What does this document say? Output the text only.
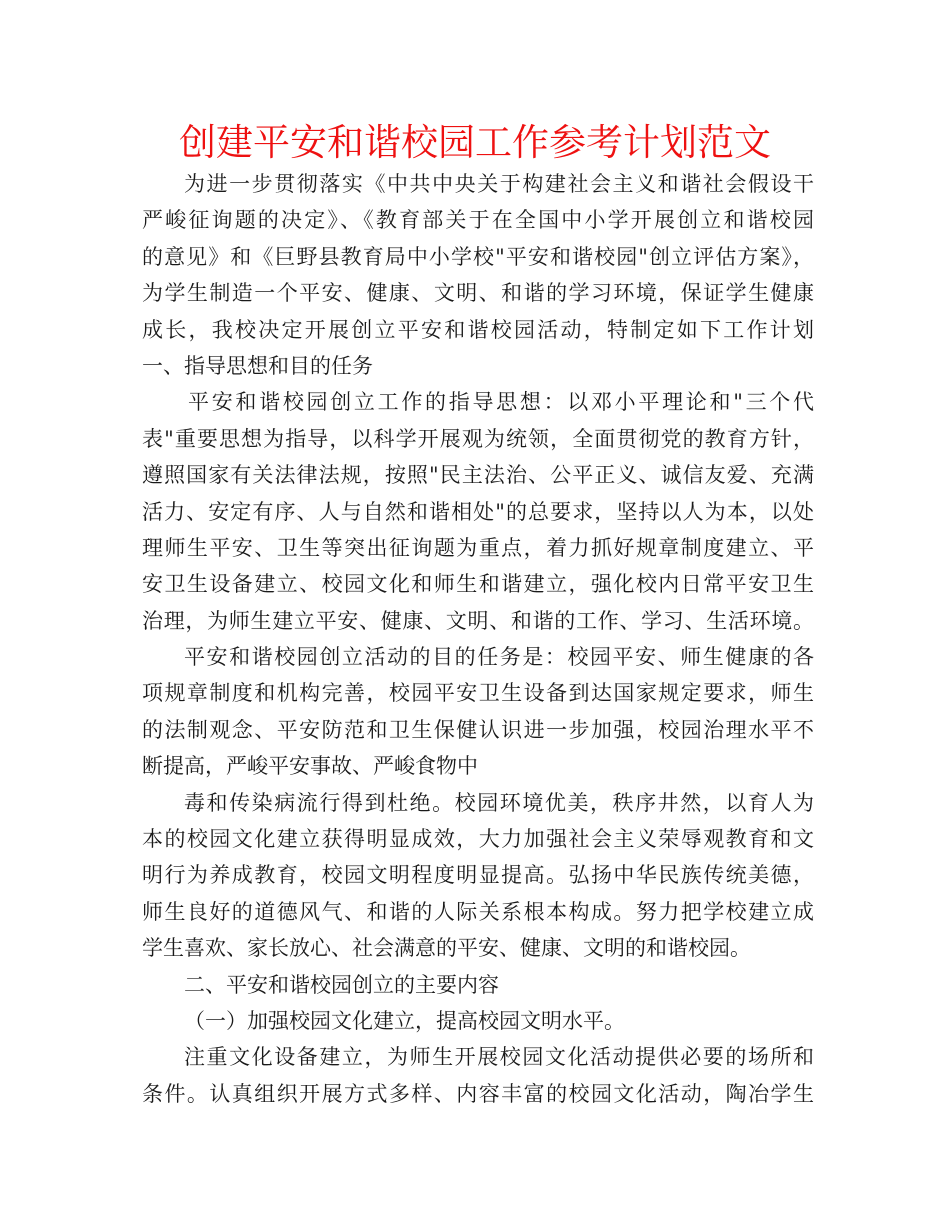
创建平安和谐校园工作参考计划范文
为进一步贯彻落实《中共中央关于构建社会主义和谐社会假设干
严峻征询题的决定》、《教育部关于在全国中小学开展创立和谐校园
的意见》和《巨野县教育局中小学校"平安和谐校园"创立评估方案》，
为学生制造一个平安、健康、文明、和谐的学习环境，保证学生健康
成长，我校决定开展创立平安和谐校园活动，特制定如下工作计划
一、指导思想和目的任务
平安和谐校园创立工作的指导思想：以邓小平理论和"三个代
表"重要思想为指导，以科学开展观为统领，全面贯彻党的教育方针，
遵照国家有关法律法规，按照"民主法治、公平正义、诚信友爱、充满
活力、安定有序、人与自然和谐相处"的总要求，坚持以人为本，以处
理师生平安、卫生等突出征询题为重点，着力抓好规章制度建立、平
安卫生设备建立、校园文化和师生和谐建立，强化校内日常平安卫生
治理，为师生建立平安、健康、文明、和谐的工作、学习、生活环境。
平安和谐校园创立活动的目的任务是：校园平安、师生健康的各
项规章制度和机构完善，校园平安卫生设备到达国家规定要求，师生
的法制观念、平安防范和卫生保健认识进一步加强，校园治理水平不
断提高，严峻平安事故、严峻食物中
毒和传染病流行得到杜绝。校园环境优美，秩序井然，以育人为
本的校园文化建立获得明显成效，大力加强社会主义荣辱观教育和文
明行为养成教育，校园文明程度明显提高。弘扬中华民族传统美德，
师生良好的道德风气、和谐的人际关系根本构成。努力把学校建立成
学生喜欢、家长放心、社会满意的平安、健康、文明的和谐校园。
二、平安和谐校园创立的主要内容
（一）加强校园文化建立，提高校园文明水平。
注重文化设备建立，为师生开展校园文化活动提供必要的场所和
条件。认真组织开展方式多样、内容丰富的校园文化活动，陶冶学生
